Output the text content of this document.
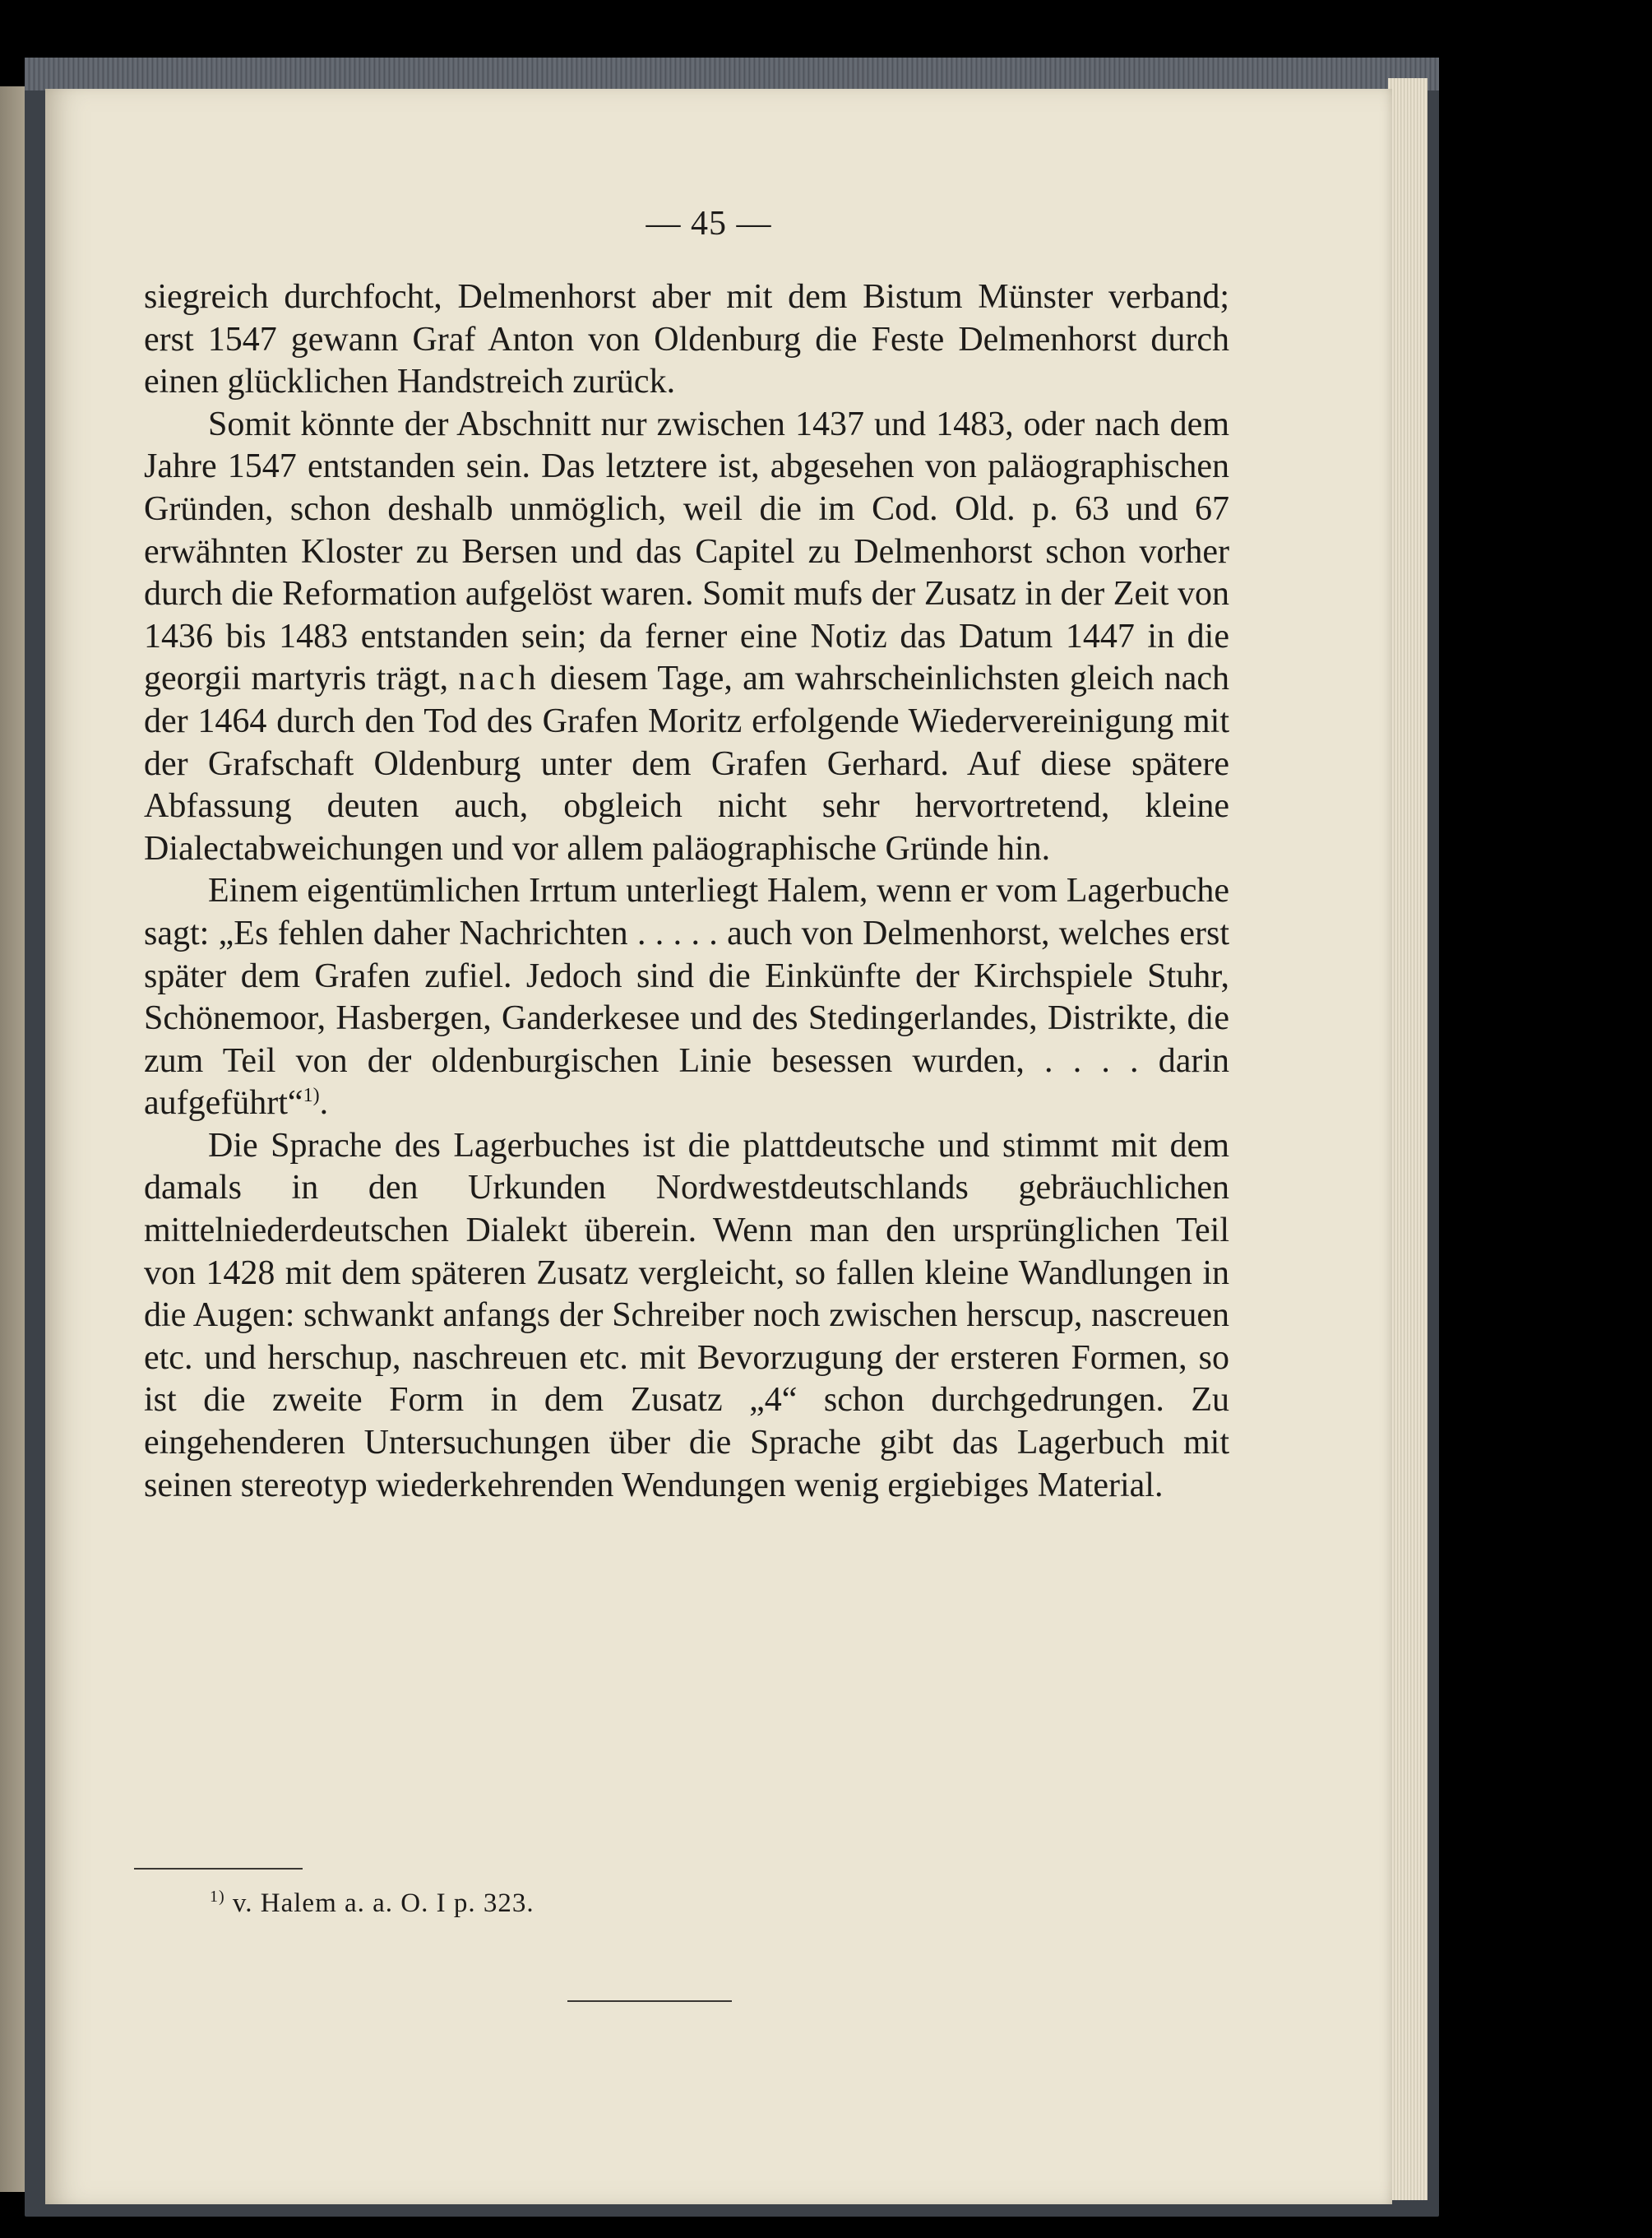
— 45 —

siegreich durchfocht, Delmenhorst aber mit dem Bistum Münster verband; erst 1547 gewann Graf Anton von Oldenburg die Feste Delmenhorst durch einen glücklichen Handstreich zurück.

Somit könnte der Abschnitt nur zwischen 1437 und 1483, oder nach dem Jahre 1547 entstanden sein. Das letztere ist, abgesehen von paläographischen Gründen, schon deshalb unmöglich, weil die im Cod. Old. p. 63 und 67 erwähnten Kloster zu Bersen und das Capitel zu Delmenhorst schon vorher durch die Reformation aufgelöst waren. Somit mufs der Zusatz in der Zeit von 1436 bis 1483 entstanden sein; da ferner eine Notiz das Datum 1447 in die georgii martyris trägt, nach diesem Tage, am wahrscheinlichsten gleich nach der 1464 durch den Tod des Grafen Moritz erfolgende Wiedervereinigung mit der Grafschaft Oldenburg unter dem Grafen Gerhard. Auf diese spätere Abfassung deuten auch, obgleich nicht sehr hervortretend, kleine Dialectabweichungen und vor allem paläographische Gründe hin.

Einem eigentümlichen Irrtum unterliegt Halem, wenn er vom Lagerbuche sagt: „Es fehlen daher Nachrichten . . . . . auch von Delmenhorst, welches erst später dem Grafen zufiel. Jedoch sind die Einkünfte der Kirchspiele Stuhr, Schönemoor, Hasbergen, Ganderkesee und des Stedingerlandes, Distrikte, die zum Teil von der oldenburgischen Linie besessen wurden, . . . . darin aufgeführt“$^{1)}$.

Die Sprache des Lagerbuches ist die plattdeutsche und stimmt mit dem damals in den Urkunden Nordwestdeutschlands gebräuchlichen mittelniederdeutschen Dialekt überein. Wenn man den ursprünglichen Teil von 1428 mit dem späteren Zusatz vergleicht, so fallen kleine Wandlungen in die Augen: schwankt anfangs der Schreiber noch zwischen herscup, nascreuen etc. und herschup, naschreuen etc. mit Bevorzugung der ersteren Formen, so ist die zweite Form in dem Zusatz „4“ schon durchgedrungen. Zu eingehenderen Untersuchungen über die Sprache gibt das Lagerbuch mit seinen stereotyp wiederkehrenden Wendungen wenig ergiebiges Material.

$^{1)}$ v. Halem a. a. O. I p. 323.
